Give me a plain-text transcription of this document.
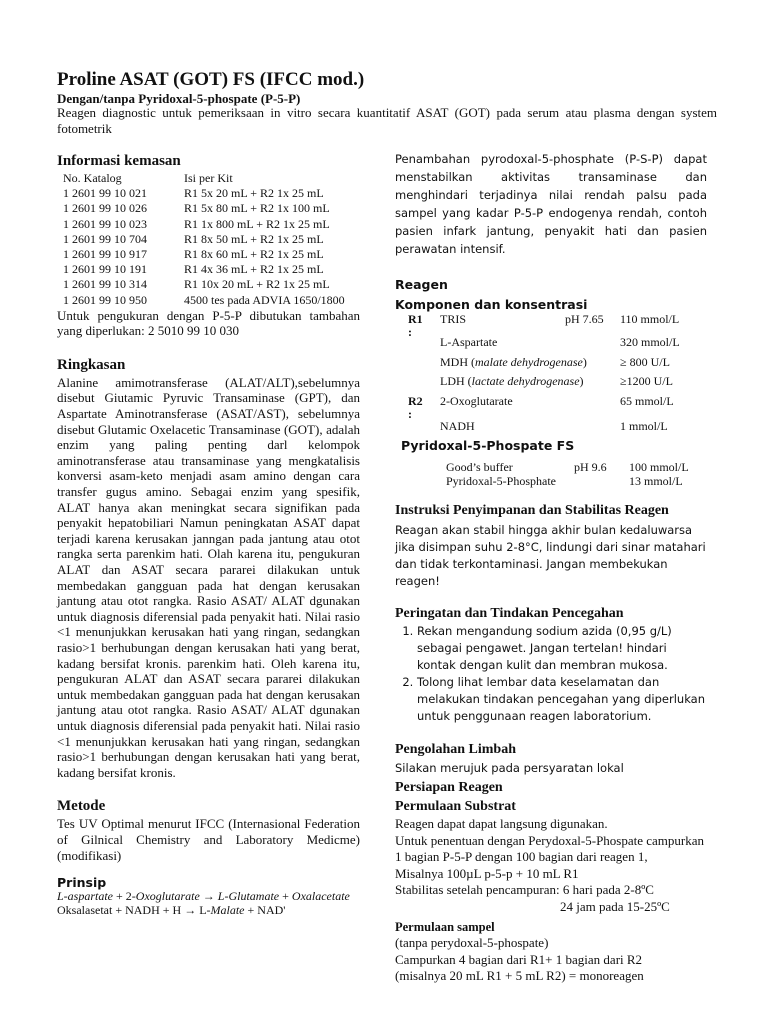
Proline ASAT (GOT) FS (IFCC mod.)
Dengan/tanpa Pyridoxal-5-phospate (P-5-P)
Reagen diagnostic untuk pemeriksaan in vitro secara kuantitatif ASAT (GOT) pada serum atau plasma dengan system fotometrik
Informasi kemasan
No. Katalog	Isi per Kit
1 2601 99 10 021	R1 5x 20 mL + R2 1x 25 mL
1 2601 99 10 026	R1 5x 80 mL + R2 1x 100 mL
1 2601 99 10 023	R1 1x 800 mL + R2 1x 25 mL
1 2601 99 10 704	R1 8x 50 mL + R2 1x 25 mL
1 2601 99 10 917	R1 8x 60 mL + R2 1x 25 mL
1 2601 99 10 191	R1 4x 36 mL + R2 1x 25 mL
1 2601 99 10 314	R1 10x 20 mL + R2 1x 25 mL
1 2601 99 10 950	4500 tes pada ADVIA 1650/1800

Untuk pengukuran dengan P-5-P dibutukan tambahan yang diperlukan: 2 5010 99 10 030

Ringkasan

Alanine amimotransferase (ALAT/ALT),sebelumnya disebut Giutamic Pyruvic Transaminase (GPT), dan Aspartate Aminotransferase (ASAT/AST), sebelumnya disebut Glutamic Oxelacetic Transaminase (GOT), adalah enzim yang paling penting darl kelompok aminotransferase atau transaminase yang mengkatalisis konversi asam-keto menjadi asam amino dengan cara transfer gugus amino. Sebagai enzim yang spesifik, ALAT hanya akan meningkat secara signifikan pada penyakit hepatobiliari Namun peningkatan ASAT dapat terjadi karena kerusakan janngan pada jantung atau otot rangka serta parenkim hati. Olah karena itu, pengukuran ALAT dan ASAT secara pararei dilakukan untuk membedakan gangguan pada hat dengan kerusakan jantung atau otot rangka. Rasio ASAT/ ALAT dgunakan untuk diagnosis diferensial pada penyakit hati. Nilai rasio <1 menunjukkan kerusakan hati yang ringan, sedangkan rasio>1 berhubungan dengan kerusakan hati yang berat, kadang bersifat kronis. parenkim hati. Oleh karena itu, pengukuran ALAT dan ASAT secara pararei dilakukan untuk membedakan gangguan pada hat dengan kerusakan jantung atau otot rangka. Rasio ASAT/ ALAT dgunakan untuk diagnosis diferensial pada penyakit hati. Nilai rasio <1 menunjukkan kerusakan hati yang ringan, sedangkan rasio>1 berhubungan dengan kerusakan hati yang berat, kadang bersifat kronis.

Metode

Tes UV Optimal menurut IFCC (Internasional Federation of Gilnical Chemistry and Laboratory Medicme) (modifikasi)

Prinsip
L-aspartate + 2-Oxoglutarate → L-Glutamate + Oxalacetate
Oksalasetat + NADH + H → L-Malate + NAD'

Penambahan pyrodoxal-5-phosphate (P-S-P) dapat menstabilkan aktivitas transaminase dan menghindari terjadinya nilai rendah palsu pada sampel yang kadar P-5-P endogenya rendah, contoh pasien infark jantung, penyakit hati dan pasien perawatan intensif.

Reagen
Komponen dan konsentrasi
R1
:
TRIS	pH 7.65 110 mmol/L
L-Aspartate	320 mmol/L
MDH (malate dehydrogenase)	≥ 800 U/L
LDH (lactate dehydrogenase)	≥1200 U/L
R2
:
2-Oxoglutarate	65 mmol/L
NADH	1 mmol/L
Pyridoxal-5-Phospate FS
Good’s buffer	pH 9.6 100 mmol/L
Pyridoxal-5-Phosphate	13 mmol/L
Instruksi Penyimpanan dan Stabilitas Reagen

Reagan akan stabil hingga akhir bulan kedaluwarsa jika disimpan suhu 2-8°C, lindungi dari sinar matahari dan tidak terkontaminasi. Jangan membekukan reagen!

Peringatan dan Tindakan Pencegahan
1. Rekan mengandung sodium azida (0,95 g/L) sebagai pengawet. Jangan tertelan! hindari kontak dengan kulit dan membran mukosa.
2. Tolong lihat lembar data keselamatan dan melakukan tindakan pencegahan yang diperlukan untuk penggunaan reagen laboratorium.
Pengolahan Limbah

Silakan merujuk pada persyaratan lokal

Persiapan Reagen
Permulaan Substrat
Reagen dapat dapat langsung digunakan.
Untuk penentuan dengan Perydoxal-5-Phospate campurkan
1 bagian P-5-P dengan 100 bagian dari reagen 1,
Misalnya 100µL p-5-p + 10 mL R1
Stabilitas setelah pencampuran: 6 hari pada 2-8ºC
24 jam pada 15-25ºC
Permulaan sampel
(tanpa perydoxal-5-phospate)
Campurkan 4 bagian dari R1+ 1 bagian dari R2
(misalnya 20 mL R1 + 5 mL R2) = monoreagen
